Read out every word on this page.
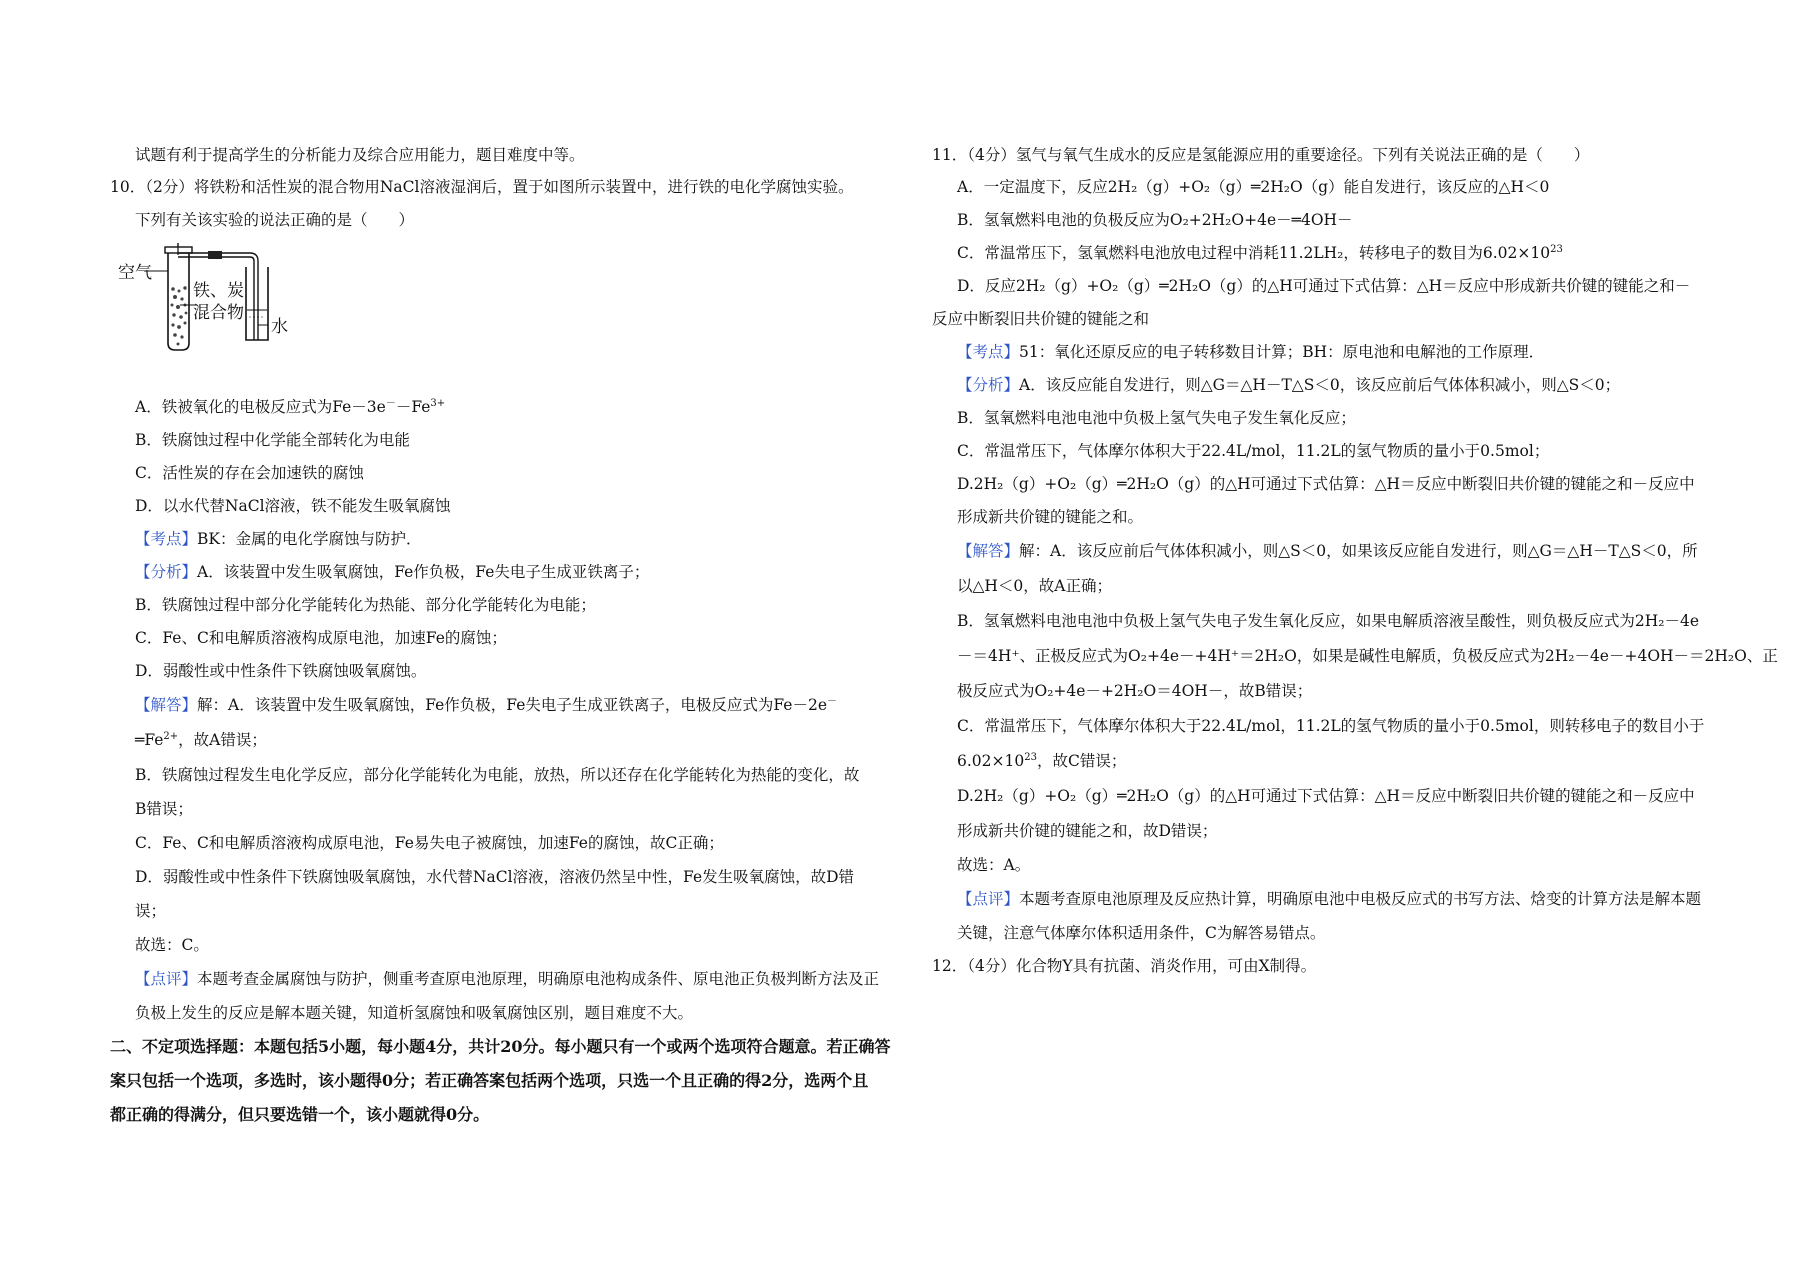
试题有利于提高学生的分析能力及综合应用能力，题目难度中等。
10．（2分）将铁粉和活性炭的混合物用NaCl溶液湿润后，置于如图所示装置中，进行铁的电化学腐蚀实验。
下列有关该实验的说法正确的是（　　）
A．铁被氧化的电极反应式为$Fe-3e^--Fe^{3+}$
B．铁腐蚀过程中化学能全部转化为电能
C．活性炭的存在会加速铁的腐蚀
D．以水代替NaCl溶液，铁不能发生吸氧腐蚀
【考点】BK：金属的电化学腐蚀与防护．
【分析】A．该装置中发生吸氧腐蚀，Fe作负极，Fe失电子生成亚铁离子；
B．铁腐蚀过程中部分化学能转化为热能、部分化学能转化为电能；
C．Fe、C和电解质溶液构成原电池，加速Fe的腐蚀；
D．弱酸性或中性条件下铁腐蚀吸氧腐蚀。
【解答】解：A．该装置中发生吸氧腐蚀，Fe作负极，Fe失电子生成亚铁离子，电极反应式为Fe－2e－
$═Fe^{2+}$，故A错误；
B．铁腐蚀过程发生电化学反应，部分化学能转化为电能，放热，所以还存在化学能转化为热能的变化，故
B错误；
C．Fe、C和电解质溶液构成原电池，Fe易失电子被腐蚀，加速Fe的腐蚀，故C正确；
D．弱酸性或中性条件下铁腐蚀吸氧腐蚀，水代替NaCl溶液，溶液仍然呈中性，Fe发生吸氧腐蚀，故D错
误；
故选：C。
【点评】本题考查金属腐蚀与防护，侧重考查原电池原理，明确原电池构成条件、原电池正负极判断方法及正
负极上发生的反应是解本题关键，知道析氢腐蚀和吸氧腐蚀区别，题目难度不大。
二、不定项选择题：本题包括5小题，每小题4分，共计20分。每小题只有一个或两个选项符合题意。若正确答
案只包括一个选项，多选时，该小题得0分；若正确答案包括两个选项，只选一个且正确的得2分，选两个且
都正确的得满分，但只要选错一个，该小题就得0分。
空气
铁、炭
混合物
水
11．（4分）氢气与氧气生成水的反应是氢能源应用的重要途径。下列有关说法正确的是（　　）
A．一定温度下，反应2H₂（g）+O₂（g）═2H₂O（g）能自发进行，该反应的△H＜0
B．氢氧燃料电池的负极反应为O₂+2H₂O+4e－═4OH－
C．常温常压下，氢氧燃料电池放电过程中消耗11.2LH₂，转移电子的数目为$6.02\times 10^{23}$
D．反应2H₂（g）+O₂（g）═2H₂O（g）的△H可通过下式估算：△H＝反应中形成新共价键的键能之和－
反应中断裂旧共价键的键能之和
【考点】51：氧化还原反应的电子转移数目计算；BH：原电池和电解池的工作原理．
【分析】A．该反应能自发进行，则△G＝△H－T△S＜0，该反应前后气体体积减小，则△S＜0；
B．氢氧燃料电池电池中负极上氢气失电子发生氧化反应；
C．常温常压下，气体摩尔体积大于22.4L/mol，11.2L的氢气物质的量小于0.5mol；
D.2H₂（g）+O₂（g）═2H₂O（g）的△H可通过下式估算：△H＝反应中断裂旧共价键的键能之和－反应中
形成新共价键的键能之和。
【解答】解：A．该反应前后气体体积减小，则△S＜0，如果该反应能自发进行，则△G＝△H－T△S＜0，所
以△H＜0，故A正确；
B．氢氧燃料电池电池中负极上氢气失电子发生氧化反应，如果电解质溶液呈酸性，则负极反应式为2H₂－4e
－＝4H⁺、正极反应式为O₂+4e－+4H⁺＝2H₂O，如果是碱性电解质，负极反应式为2H₂－4e－+4OH－＝2H₂O、正
极反应式为O₂+4e－+2H₂O＝4OH－，故B错误；
C．常温常压下，气体摩尔体积大于22.4L/mol，11.2L的氢气物质的量小于0.5mol，则转移电子的数目小于
$6.02\times 10^{23}$，故C错误；
D.2H₂（g）+O₂（g）═2H₂O（g）的△H可通过下式估算：△H＝反应中断裂旧共价键的键能之和－反应中
形成新共价键的键能之和，故D错误；
故选：A。
【点评】本题考查原电池原理及反应热计算，明确原电池中电极反应式的书写方法、焓变的计算方法是解本题
关键，注意气体摩尔体积适用条件，C为解答易错点。
12．（4分）化合物Y具有抗菌、消炎作用，可由X制得。
